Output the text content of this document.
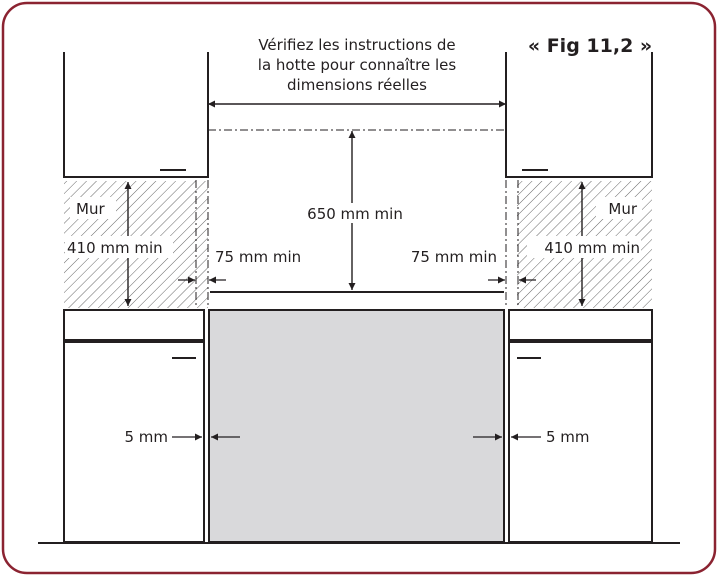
« Fig 11,2 »
Vérifiez les instructions de
la hotte pour connaître les
dimensions réelles
650 mm min
Mur	Mur
410 mm min	410 mm min
75 mm min	75 mm min
5 mm	5 mm
